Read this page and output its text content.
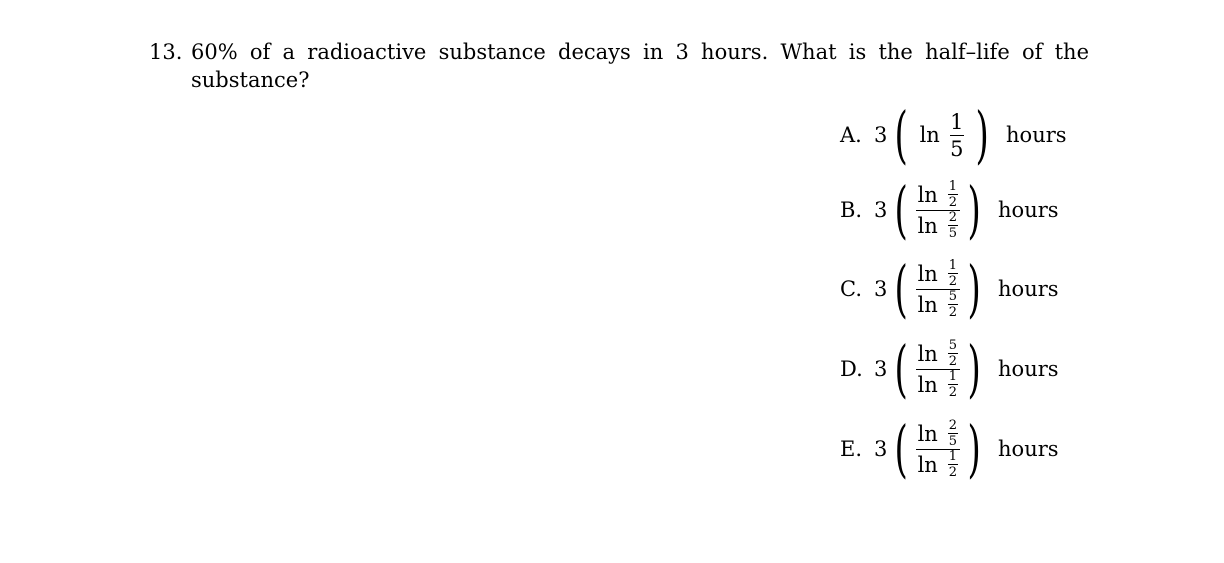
13. 60% of a radioactive substance decays in 3 hours. What is the half–life of the substance?
A. 3 ( ln
1
5 ) hours
B. 3 ( ln 1
2
ln 2
5 ) hours
C. 3 ( ln 1
2
ln 5
2 ) hours
D. 3 ( ln 5
2
ln 1
2 ) hours
E. 3 ( ln 2
5
ln 1
2 ) hours
